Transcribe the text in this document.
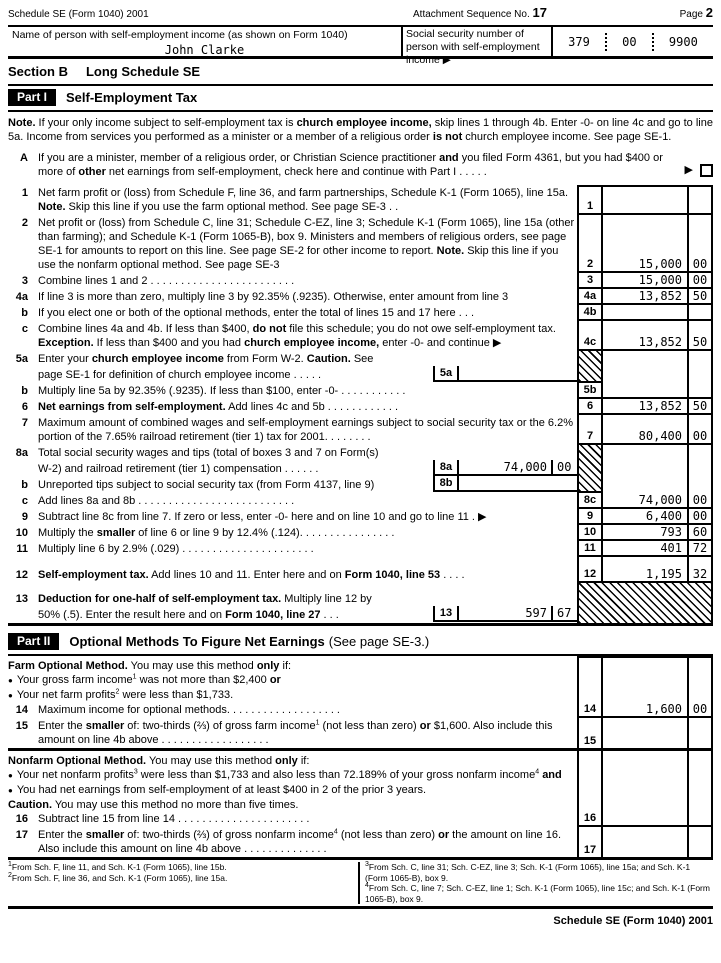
Schedule SE (Form 1040) 2001	Attachment Sequence No. 17	Page 2
Name of person with self-employment income (as shown on Form 1040)
John Clarke
Social security number of person with self-employment income ▶
379	00	9900
Section B Long Schedule SE
Part I	Self-Employment Tax
Note. If your only income subject to self-employment tax is church employee income, skip lines 1 through 4b. Enter -0- on line 4c and go to line 5a. Income from services you performed as a minister or a member of a religious order is not church employee income. See page SE-1.
A If you are a minister, member of a religious order, or Christian Science practitioner and you filed Form 4361, but you had $400 or more of other net earnings from self-employment, check here and continue with Part I . . . . .	▶
1 Net farm profit or (loss) from Schedule F, line 36, and farm partnerships, Schedule K-1 (Form 1065), line 15a. Note. Skip this line if you use the farm optional method. See page SE-3 . .	1
2 Net profit or (loss) from Schedule C, line 31; Schedule C-EZ, line 3; Schedule K-1 (Form 1065), line 15a (other than farming); and Schedule K-1 (Form 1065-B), box 9. Ministers and members of religious orders, see page SE-1 for amounts to report on this line. See page SE-2 for other income to report. Note. Skip this line if you use the nonfarm optional method. See page SE-3	2	15,000 00
3 Combine lines 1 and 2 . . . . . . . . . . . . . . . . . . . . . . . .	3	15,000 00
4a If line 3 is more than zero, multiply line 3 by 92.35% (.9235). Otherwise, enter amount from line 3	4a	13,852 50
b If you elect one or both of the optional methods, enter the total of lines 15 and 17 here . . .	4b
c Combine lines 4a and 4b. If less than $400, do not file this schedule; you do not owe self-employment tax. Exception. If less than $400 and you had church employee income, enter -0- and continue ▶	4c	13,852 50
5a Enter your church employee income from Form W-2. Caution. See
page SE-1 for definition of church employee income . . . . .	5a
b Multiply line 5a by 92.35% (.9235). If less than $100, enter -0- . . . . . . . . . . .	5b
6 Net earnings from self-employment. Add lines 4c and 5b . . . . . . . . . . . .	6	13,852 50
7 Maximum amount of combined wages and self-employment earnings subject to social security tax or the 6.2% portion of the 7.65% railroad retirement (tier 1) tax for 2001. . . . . . . .	7	80,400 00
8a Total social security wages and tips (total of boxes 3 and 7 on Form(s)
W-2) and railroad retirement (tier 1) compensation . . . . . .	8a	74,000 00
b Unreported tips subject to social security tax (from Form 4137, line 9)	8b
c Add lines 8a and 8b . . . . . . . . . . . . . . . . . . . . . . . . . .	8c	74,000 00
9 Subtract line 8c from line 7. If zero or less, enter -0- here and on line 10 and go to line 11 . ▶	9	6,400 00
10 Multiply the smaller of line 6 or line 9 by 12.4% (.124). . . . . . . . . . . . . . . .	10	793 60
11 Multiply line 6 by 2.9% (.029) . . . . . . . . . . . . . . . . . . . . . .	11	401 72
12 Self-employment tax. Add lines 10 and 11. Enter here and on Form 1040, line 53 . . . .	12	1,195 32
13 Deduction for one-half of self-employment tax. Multiply line 12 by
50% (.5). Enter the result here and on Form 1040, line 27 . . .	13	597 67
Part II	Optional Methods To Figure Net Earnings (See page SE-3.)
Farm Optional Method. You may use this method only if:
● Your gross farm income$^1$ was not more than $2,400 or
● Your net farm profits$^2$ were less than $1,733.
14 Maximum income for optional methods. . . . . . . . . . . . . . . . . . .	14	1,600 00
15 Enter the smaller of: two-thirds (⅔) of gross farm income$^1$ (not less than zero) or $1,600. Also include this amount on line 4b above . . . . . . . . . . . . . . . . . .	15
Nonfarm Optional Method. You may use this method only if:
● Your net nonfarm profits$^3$ were less than $1,733 and also less than 72.189% of your gross nonfarm income$^4$ and
● You had net earnings from self-employment of at least $400 in 2 of the prior 3 years.
Caution. You may use this method no more than five times.
16 Subtract line 15 from line 14 . . . . . . . . . . . . . . . . . . . . . .	16
17 Enter the smaller of: two-thirds (⅔) of gross nonfarm income$^4$ (not less than zero) or the amount on line 16. Also include this amount on line 4b above . . . . . . . . . . . . . .	17
$^1$From Sch. F, line 11, and Sch. K-1 (Form 1065), line 15b.
$^2$From Sch. F, line 36, and Sch. K-1 (Form 1065), line 15a.
$^3$From Sch. C, line 31; Sch. C-EZ, line 3; Sch. K-1 (Form 1065), line 15a; and Sch. K-1 (Form 1065-B), box 9.
$^4$From Sch. C, line 7; Sch. C-EZ, line 1; Sch. K-1 (Form 1065), line 15c; and Sch. K-1 (Form 1065-B), box 9.
Schedule SE (Form 1040) 2001
